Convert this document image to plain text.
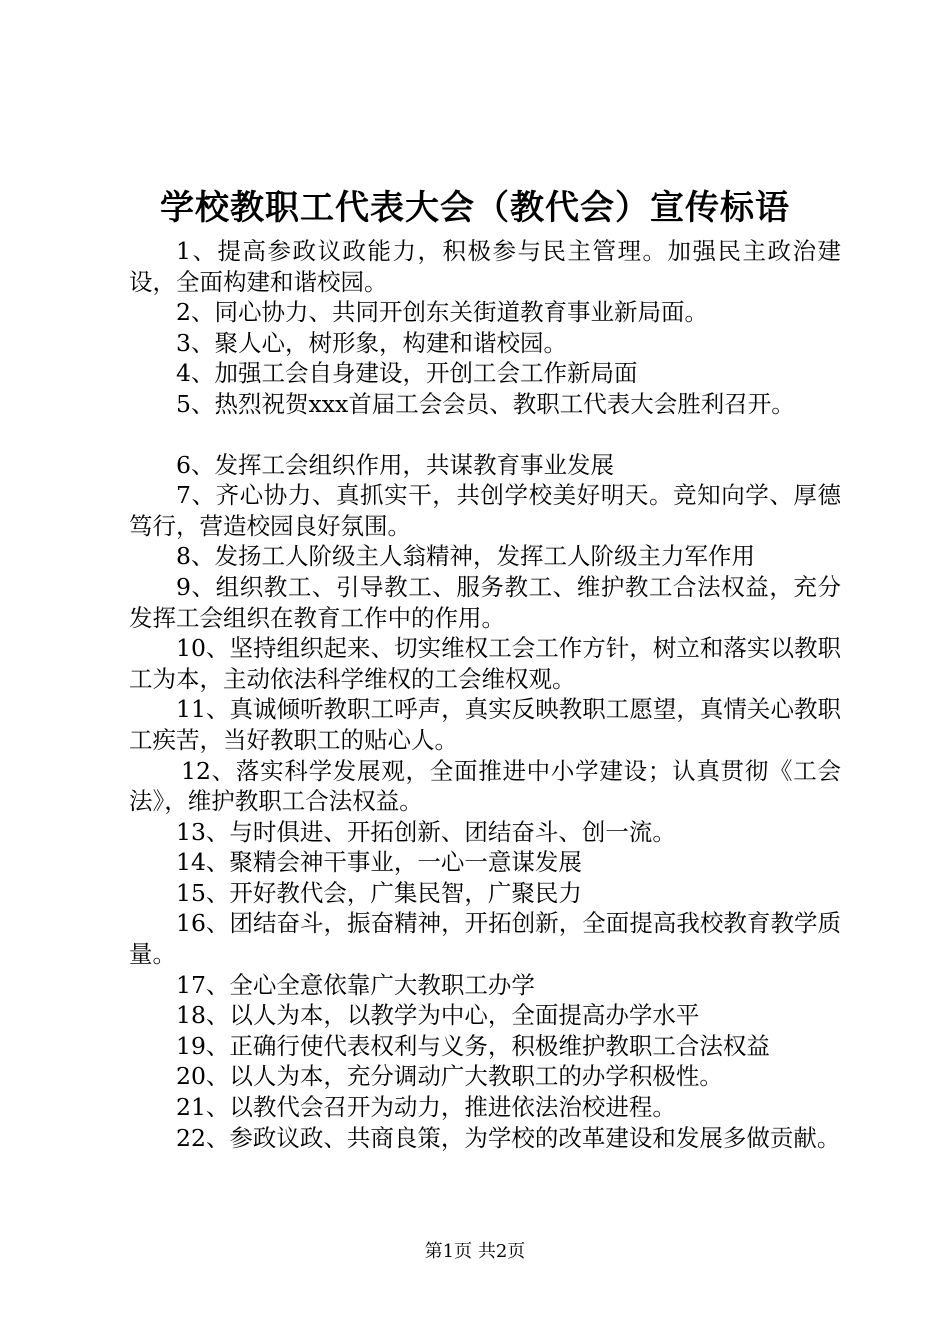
学校教职工代表大会（教代会）宣传标语

1、提高参政议政能力，积极参与民主管理。加强民主政治建设，全面构建和谐校园。

2、同心协力、共同开创东关街道教育事业新局面。

3、聚人心，树形象，构建和谐校园。

4、加强工会自身建设，开创工会工作新局面

5、热烈祝贺xxx首届工会会员、教职工代表大会胜利召开。

6、发挥工会组织作用，共谋教育事业发展

7、齐心协力、真抓实干，共创学校美好明天。竞知向学、厚德笃行，营造校园良好氛围。

8、发扬工人阶级主人翁精神，发挥工人阶级主力军作用

9、组织教工、引导教工、服务教工、维护教工合法权益，充分发挥工会组织在教育工作中的作用。

10、坚持组织起来、切实维权工会工作方针，树立和落实以教职工为本，主动依法科学维权的工会维权观。

11、真诚倾听教职工呼声，真实反映教职工愿望，真情关心教职工疾苦，当好教职工的贴心人。

12、落实科学发展观，全面推进中小学建设；认真贯彻《工会法》，维护教职工合法权益。

13、与时俱进、开拓创新、团结奋斗、创一流。

14、聚精会神干事业，一心一意谋发展

15、开好教代会，广集民智，广聚民力

16、团结奋斗，振奋精神，开拓创新，全面提高我校教育教学质量。

17、全心全意依靠广大教职工办学

18、以人为本，以教学为中心，全面提高办学水平

19、正确行使代表权利与义务，积极维护教职工合法权益

20、以人为本，充分调动广大教职工的办学积极性。

21、以教代会召开为动力，推进依法治校进程。

22、参政议政、共商良策，为学校的改革建设和发展多做贡献。

第1页 共2页
